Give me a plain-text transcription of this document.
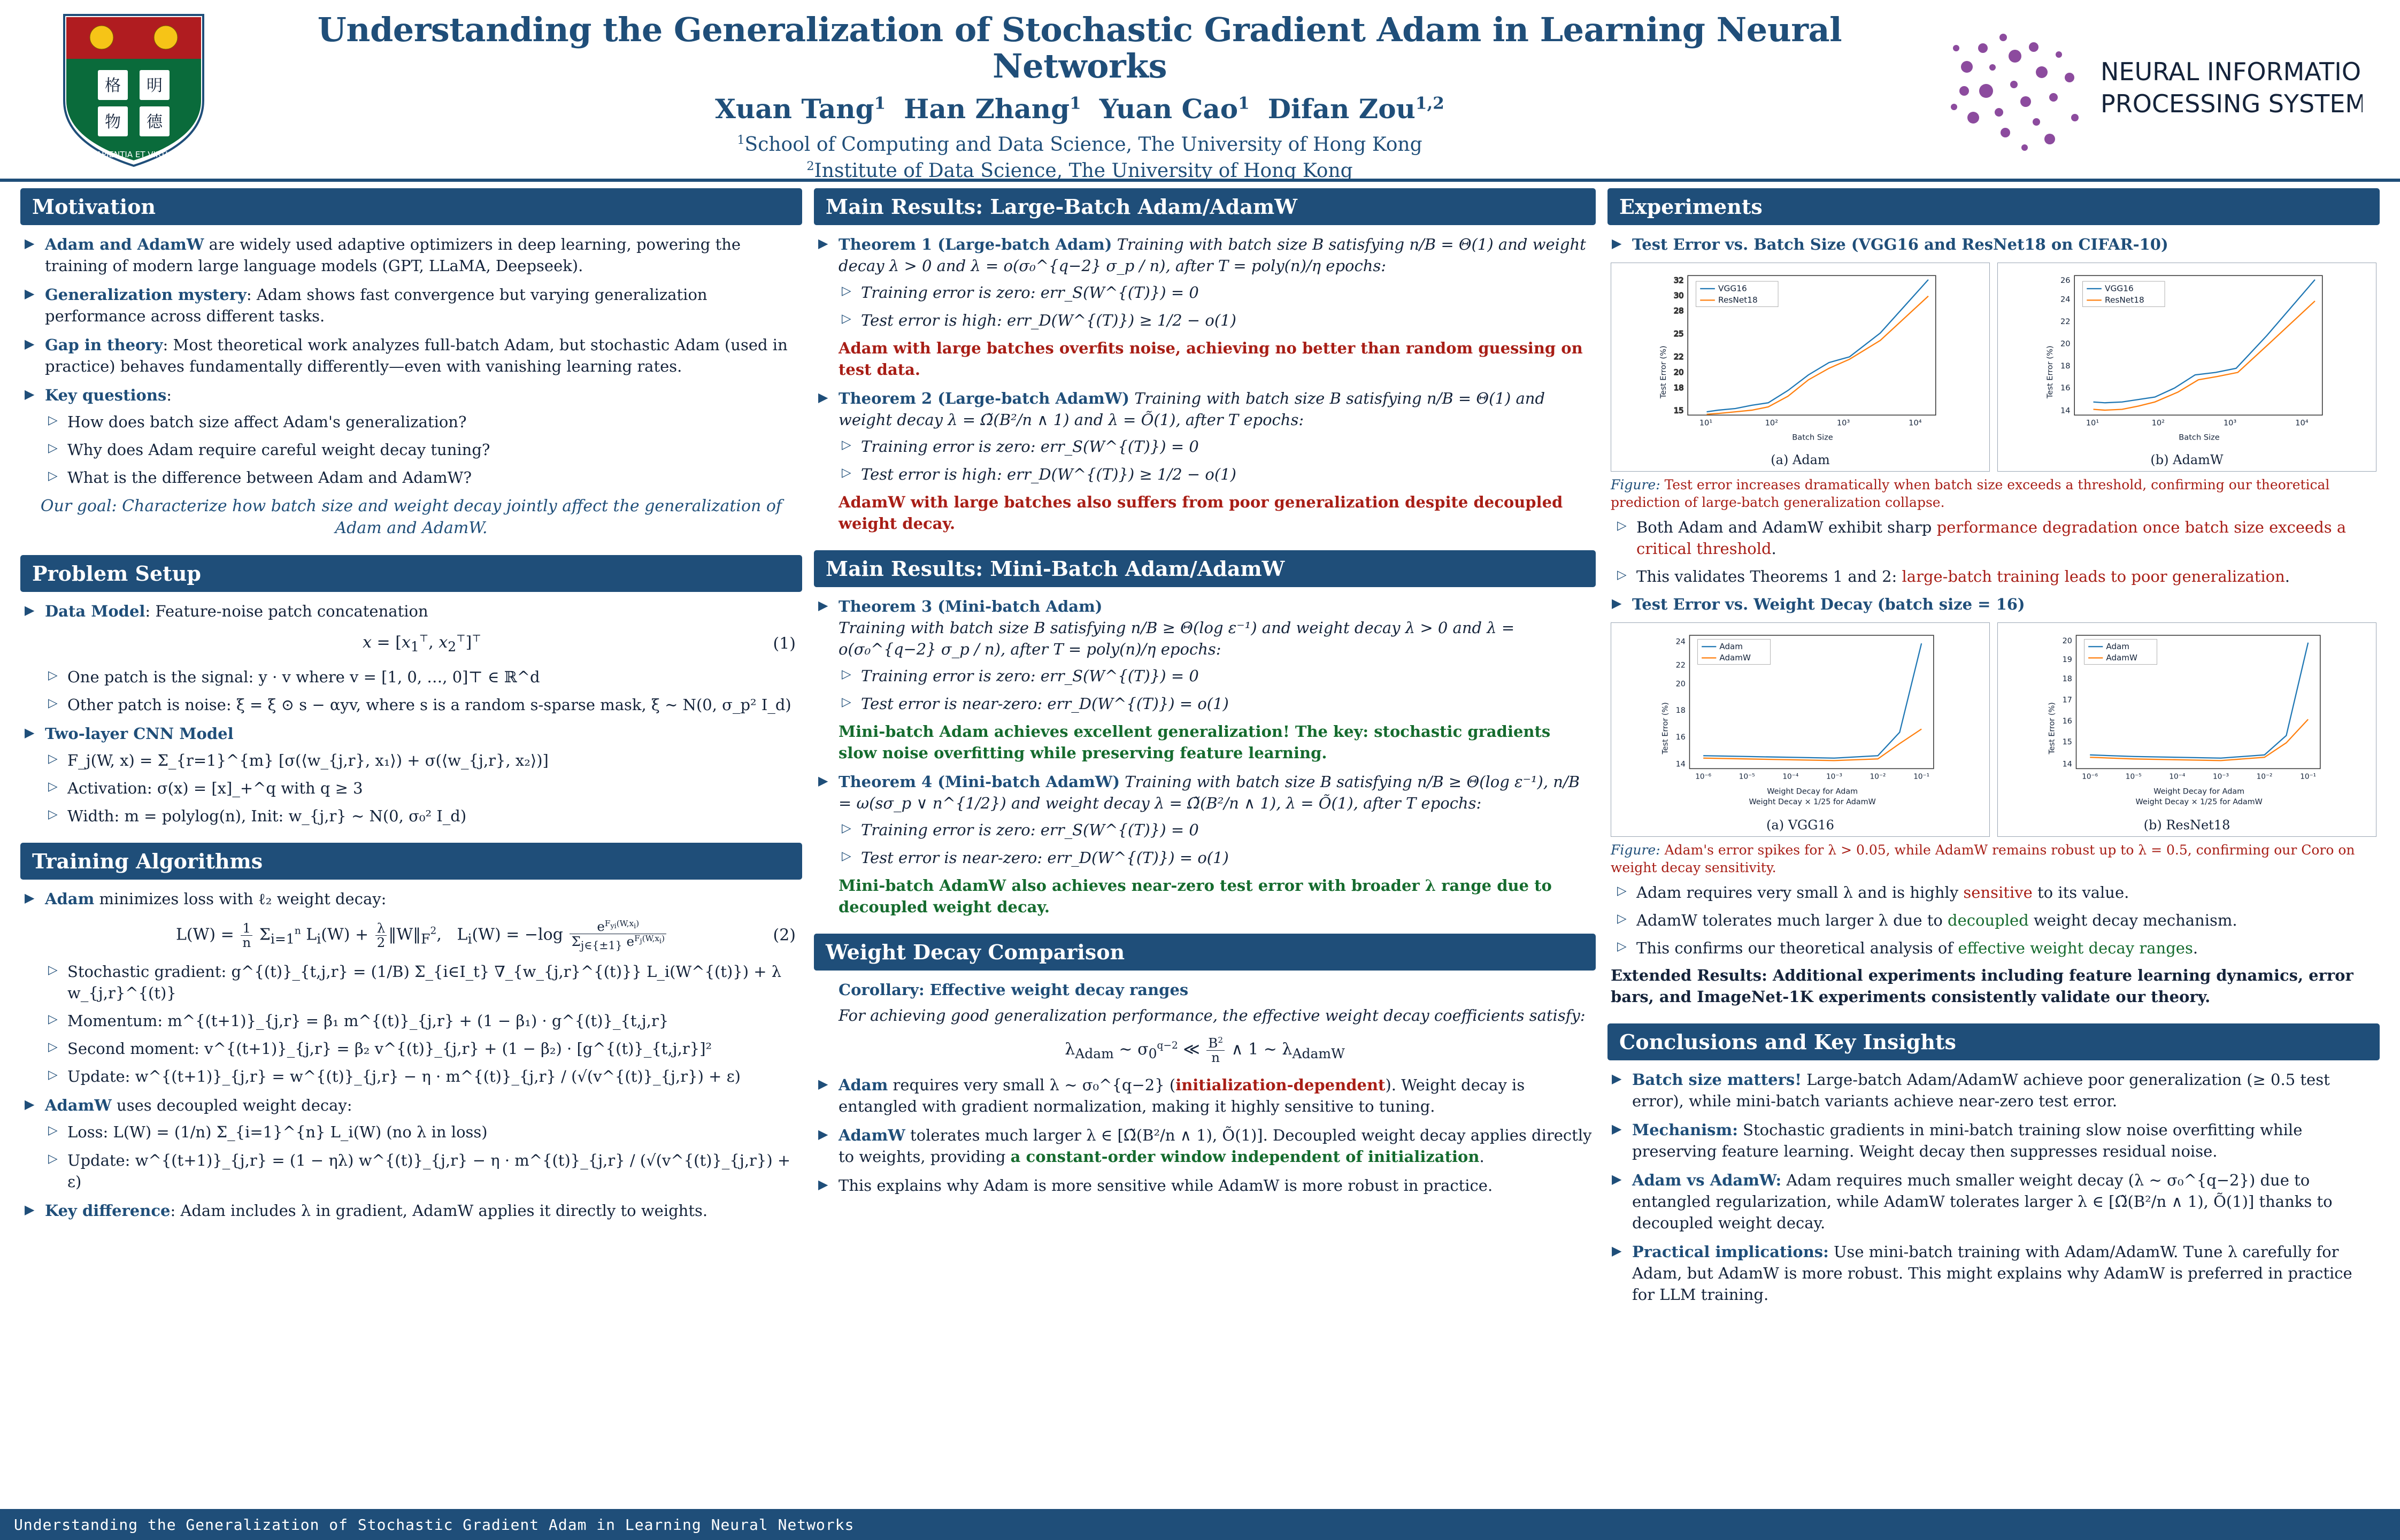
格 明
物 德
SAPIENTIA ET VIRTUS
Understanding the Generalization of Stochastic Gradient Adam in Learning Neural Networks
Xuan Tang$^1$ Han Zhang$^1$ Yuan Cao$^1$ Difan Zou$^{1,2}$
$^1$School of Computing and Data Science, The University of Hong Kong
$^2$Institute of Data Science, The University of Hong Kong
NEURAL INFORMATION
PROCESSING SYSTEMS
Motivation
▶ Adam and AdamW are widely used adaptive optimizers in deep learning, powering the training of modern large language models (GPT, LLaMA, Deepseek).
▶ Generalization mystery: Adam shows fast convergence but varying generalization performance across different tasks.
▶ Gap in theory: Most theoretical work analyzes full-batch Adam, but stochastic Adam (used in practice) behaves fundamentally differently—even with vanishing learning rates.
▶ Key questions:
▷ How does batch size affect Adam's generalization?
▷ Why does Adam require careful weight decay tuning?
▷ What is the difference between Adam and AdamW?
Our goal: Characterize how batch size and weight decay jointly affect the generalization of Adam and AdamW.
Problem Setup
▶ Data Model: Feature-noise patch concatenation
$x = [x_1^⊤$, $x_2^⊤]^⊤$	(1)
▷ One patch is the signal: y · v where v = [1, 0, …, 0]⊤ ∈ ℝ^d
▷ Other patch is noise: ξ = ξ ⊙ s − αyv, where s is a random s-sparse mask, ξ ∼ N(0, σ_p² I_d)
▶ Two-layer CNN Model
▷ F_j(W, x) = Σ_{r=1}^{m} [σ(⟨w_{j,r}, x₁⟩) + σ(⟨w_{j,r}, x₂⟩)]
▷ Activation: σ(x) = [x]_+^q with q ≥ 3
▷ Width: m = polylog(n), Init: w_{j,r} ∼ N(0, σ₀² I_d)
Training Algorithms
▶ Adam minimizes loss with ℓ₂ weight decay:
$L(W) = \frac{1}{n} \Sigma_{i=1}^n$ $L_i(W) + \frac{\lambda}{2}$ $‖W‖_F^2$,   $L_i(W) = -\log \frac{e^{F_{yi}(W,x_i)}}{\Sigma_{j\in\{\pm 1\}} e^{F_j(W,x_i)}}$	(2)
▷ Stochastic gradient: g^{(t)}_{t,j,r} = (1/B) Σ_{i∈I_t} ∇_{w_{j,r}^{(t)}} L_i(W^{(t)}) + λ w_{j,r}^{(t)}
▷ Momentum: m^{(t+1)}_{j,r} = β₁ m^{(t)}_{j,r} + (1 − β₁) · g^{(t)}_{t,j,r}
▷ Second moment: v^{(t+1)}_{j,r} = β₂ v^{(t)}_{j,r} + (1 − β₂) · [g^{(t)}_{t,j,r}]²
▷ Update: w^{(t+1)}_{j,r} = w^{(t)}_{j,r} − η · m^{(t)}_{j,r} / (√(v^{(t)}_{j,r}) + ε)
▶ AdamW uses decoupled weight decay:
▷ Loss: L(W) = (1/n) Σ_{i=1}^{n} L_i(W) (no λ in loss)
▷ Update: w^{(t+1)}_{j,r} = (1 − ηλ) w^{(t)}_{j,r} − η · m^{(t)}_{j,r} / (√(v^{(t)}_{j,r}) + ε)
▶ Key difference: Adam includes λ in gradient, AdamW applies it directly to weights.
Main Results: Large-Batch Adam/AdamW
▶ Theorem 1 (Large-batch Adam) Training with batch size B satisfying n/B = Θ(1) and weight decay λ > 0 and λ = o(σ₀^{q−2} σ_p / n), after T = poly(n)/η epochs:
▷ Training error is zero: err_S(W^{(T)}) = 0
▷ Test error is high: err_D(W^{(T)}) ≥ 1/2 − o(1)
Adam with large batches overfits noise, achieving no better than random guessing on test data.
▶ Theorem 2 (Large-batch AdamW) Training with batch size B satisfying n/B = Θ(1) and weight decay λ = Ω̃(B²/n ∧ 1) and λ = Õ(1), after T epochs:
▷ Training error is zero: err_S(W^{(T)}) = 0
▷ Test error is high: err_D(W^{(T)}) ≥ 1/2 − o(1)
AdamW with large batches also suffers from poor generalization despite decoupled weight decay.
Main Results: Mini-Batch Adam/AdamW
▶ Theorem 3 (Mini-batch Adam)
Training with batch size B satisfying n/B ≥ Θ(log ε⁻¹) and weight decay λ > 0 and λ = o(σ₀^{q−2} σ_p / n), after T = poly(n)/η epochs:
▷ Training error is zero: err_S(W^{(T)}) = 0
▷ Test error is near-zero: err_D(W^{(T)}) = o(1)
Mini-batch Adam achieves excellent generalization! The key: stochastic gradients slow noise overfitting while preserving feature learning.
▶ Theorem 4 (Mini-batch AdamW) Training with batch size B satisfying n/B ≥ Θ(log ε⁻¹), n/B = ω(sσ_p ∨ n^{1/2}) and weight decay λ = Ω̃(B²/n ∧ 1), λ = Õ(1), after T epochs:
▷ Training error is zero: err_S(W^{(T)}) = 0
▷ Test error is near-zero: err_D(W^{(T)}) = o(1)
Mini-batch AdamW also achieves near-zero test error with broader λ range due to decoupled weight decay.
Weight Decay Comparison
Corollary: Effective weight decay ranges
For achieving good generalization performance, the effective weight decay coefficients satisfy:
$\lambda_{Adam}$ ∼ $\sigma_0^{q-2}$ ≪ $\frac{B^2}{n}$ ∧ 1 ∼ $\lambda_{AdamW}$
▶ Adam requires very small λ ∼ σ₀^{q−2} (initialization-dependent). Weight decay is entangled with gradient normalization, making it highly sensitive to tuning.
▶ AdamW tolerates much larger λ ∈ [Ω̃(B²/n ∧ 1), Õ(1)]. Decoupled weight decay applies directly to weights, providing a constant-order window independent of initialization.
▶ This explains why Adam is more sensitive while AdamW is more robust in practice.
Experiments
▶ Test Error vs. Batch Size (VGG16 and ResNet18 on CIFAR-10)
Test Error (%)
Batch Size
15
18
20
22
25
28
30
32
10¹	10²	10³	10⁴
VGG16
ResNet18
(a) Adam
Test Error (%)
Batch Size
14
16
18
20
22
24
26
10¹	10²	10³	10⁴
VGG16
ResNet18
(b) AdamW
Figure: Test error increases dramatically when batch size exceeds a threshold, confirming our theoretical prediction of large-batch generalization collapse.
▷ Both Adam and AdamW exhibit sharp performance degradation once batch size exceeds a critical threshold.
▷ This validates Theorems 1 and 2: large-batch training leads to poor generalization.
▶ Test Error vs. Weight Decay (batch size = 16)
Test Error (%)
Weight Decay for Adam
Weight Decay × 1/25 for AdamW
14
16
18
20
22
24
10⁻⁶	10⁻⁵	10⁻⁴	10⁻³	10⁻²	10⁻¹
Adam
AdamW
(a) VGG16
Test Error (%)
Weight Decay for Adam
Weight Decay × 1/25 for AdamW
14
15
16
17
18
19
20
10⁻⁶	10⁻⁵	10⁻⁴	10⁻³	10⁻²	10⁻¹
Adam
AdamW
(b) ResNet18
Figure: Adam's error spikes for λ > 0.05, while AdamW remains robust up to λ = 0.5, confirming our Coro on weight decay sensitivity.
▷ Adam requires very small λ and is highly sensitive to its value.
▷ AdamW tolerates much larger λ due to decoupled weight decay mechanism.
▷ This confirms our theoretical analysis of effective weight decay ranges.
Extended Results: Additional experiments including feature learning dynamics, error bars, and ImageNet-1K experiments consistently validate our theory.
Conclusions and Key Insights
▶ Batch size matters! Large-batch Adam/AdamW achieve poor generalization (≥ 0.5 test error), while mini-batch variants achieve near-zero test error.
▶ Mechanism: Stochastic gradients in mini-batch training slow noise overfitting while preserving feature learning. Weight decay then suppresses residual noise.
▶ Adam vs AdamW: Adam requires much smaller weight decay (λ ∼ σ₀^{q−2}) due to entangled regularization, while AdamW tolerates larger λ ∈ [Ω̃(B²/n ∧ 1), Õ(1)] thanks to decoupled weight decay.
▶ Practical implications: Use mini-batch training with Adam/AdamW. Tune λ carefully for Adam, but AdamW is more robust. This might explains why AdamW is preferred in practice for LLM training.
Understanding the Generalization of Stochastic Gradient Adam in Learning Neural Networks
